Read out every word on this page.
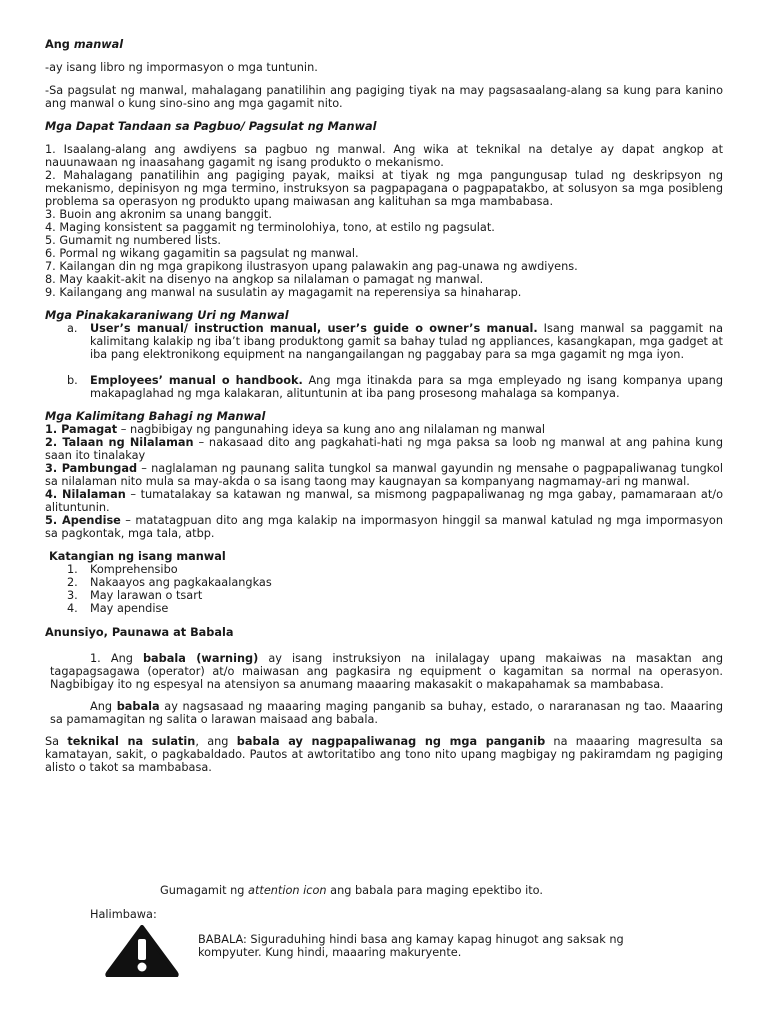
Ang manwal

-ay isang libro ng impormasyon o mga tuntunin.

-Sa pagsulat ng manwal, mahalagang panatilihin ang pagiging tiyak na may pagsasaalang-alang sa kung para kanino ang manwal o kung sino-sino ang mga gagamit nito.

Mga Dapat Tandaan sa Pagbuo/ Pagsulat ng Manwal

1. Isaalang-alang ang awdiyens sa pagbuo ng manwal. Ang wika at teknikal na detalye ay dapat angkop at nauunawaan ng inaasahang gagamit ng isang produkto o mekanismo.
2. Mahalagang panatilihin ang pagiging payak, maiksi at tiyak ng mga pangungusap tulad ng deskripsyon ng mekanismo, depinisyon ng mga termino, instruksyon sa pagpapagana o pagpapatakbo, at solusyon sa mga posibleng problema sa operasyon ng produkto upang maiwasan ang kalituhan sa mga mambabasa.
3. Buoin ang akronim sa unang banggit.
4. Maging konsistent sa paggamit ng terminolohiya, tono, at estilo ng pagsulat.
5. Gumamit ng numbered lists.
6. Pormal ng wikang gagamitin sa pagsulat ng manwal.
7. Kailangan din ng mga grapikong ilustrasyon upang palawakin ang pag-unawa ng awdiyens.
8. May kaakit-akit na disenyo na angkop sa nilalaman o pamagat ng manwal.
9. Kailangang ang manwal na susulatin ay magagamit na reperensiya sa hinaharap.

Mga Pinakakaraniwang Uri ng Manwal

a. User’s manual/ instruction manual, user’s guide o owner’s manual. Isang manwal sa paggamit na kalimitang kalakip ng iba’t ibang produktong gamit sa bahay tulad ng appliances, kasangkapan, mga gadget at iba pang elektronikong equipment na nangangailangan ng paggabay para sa mga gagamit ng mga iyon.
b. Employees’ manual o handbook. Ang mga itinakda para sa mga empleyado ng isang kompanya upang makapaglahad ng mga kalakaran, alituntunin at iba pang prosesong mahalaga sa kompanya.

Mga Kalimitang Bahagi ng Manwal

1. Pamagat – nagbibigay ng pangunahing ideya sa kung ano ang nilalaman ng manwal
2. Talaan ng Nilalaman – nakasaad dito ang pagkahati-hati ng mga paksa sa loob ng manwal at ang pahina kung saan ito tinalakay
3. Pambungad – naglalaman ng paunang salita tungkol sa manwal gayundin ng mensahe o pagpapaliwanag tungkol sa nilalaman nito mula sa may-akda o sa isang taong may kaugnayan sa kompanyang nagmamay-ari ng manwal.
4. Nilalaman – tumatalakay sa katawan ng manwal, sa mismong pagpapaliwanag ng mga gabay, pamamaraan at/o alituntunin.
5. Apendise – matatagpuan dito ang mga kalakip na impormasyon hinggil sa manwal katulad ng mga impormasyon sa pagkontak, mga tala, atbp.

Katangian ng isang manwal

1. Komprehensibo
2. Nakaayos ang pagkakaalangkas
3. May larawan o tsart
4. May apendise

Anunsiyo, Paunawa at Babala

1. Ang babala (warning) ay isang instruksiyon na inilalagay upang makaiwas na masaktan ang tagapagsagawa (operator) at/o maiwasan ang pagkasira ng equipment o kagamitan sa normal na operasyon. Nagbibigay ito ng espesyal na atensiyon sa anumang maaaring makasakit o makapahamak sa mambabasa.

Ang babala ay nagsasaad ng maaaring maging panganib sa buhay, estado, o nararanasan ng tao. Maaaring sa pamamagitan ng salita o larawan maisaad ang babala.

Sa teknikal na sulatin, ang babala ay nagpapaliwanag ng mga panganib na maaaring magresulta sa kamatayan, sakit, o pagkabaldado. Pautos at awtoritatibo ang tono nito upang magbigay ng pakiramdam ng pagiging alisto o takot sa mambabasa.

Gumagamit ng attention icon ang babala para maging epektibo ito.

Halimbawa:

BABALA: Siguraduhing hindi basa ang kamay kapag hinugot ang saksak ng kompyuter. Kung hindi, maaaring makuryente.
